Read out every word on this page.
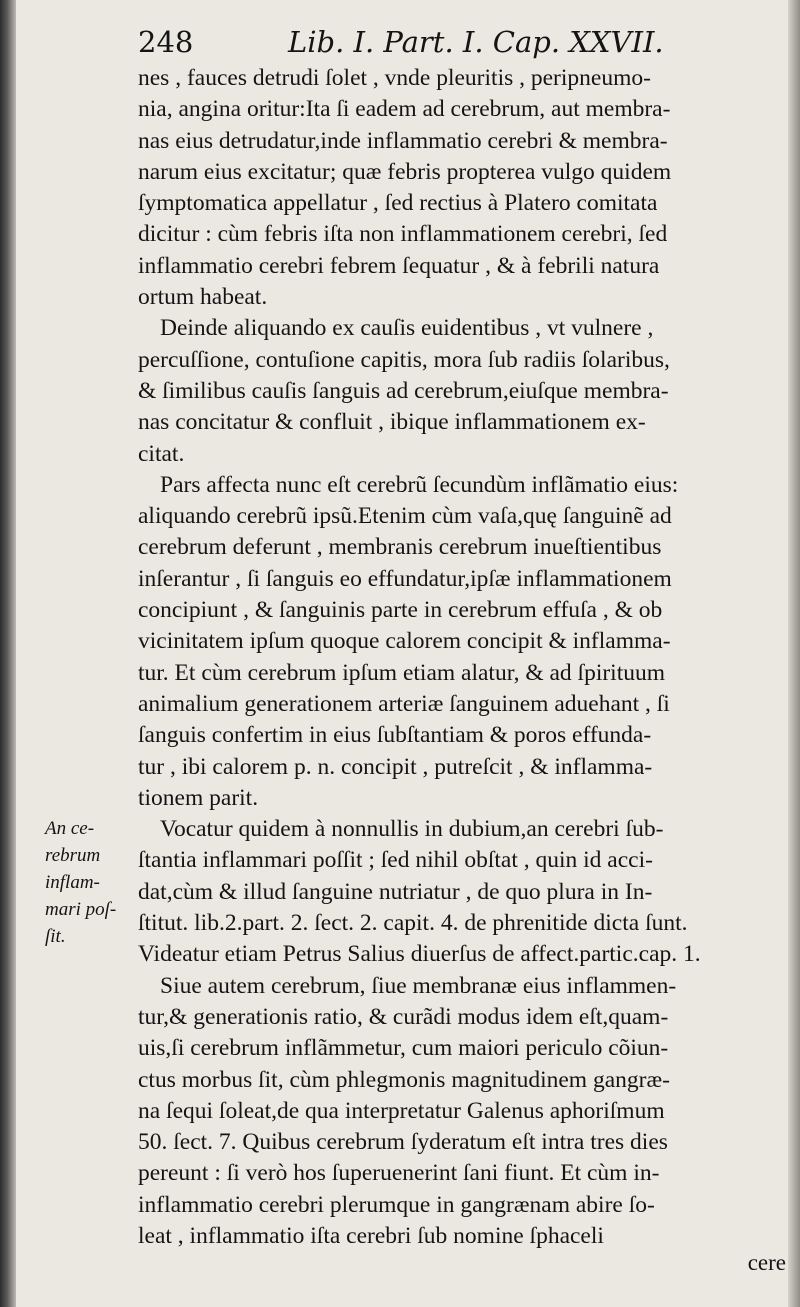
248	Lib. I. Part. I. Cap. XXVII.
nes , fauces detrudi ſolet , vnde pleuritis , peripneumo-
nia, angina oritur:Ita ſi eadem ad cerebrum, aut membra-
nas eius detrudatur,inde inflammatio cerebri & membra-
narum eius excitatur; quæ febris propterea vulgo quidem
ſymptomatica appellatur , ſed rectius à Platero comitata
dicitur : cùm febris iſta non inflammationem cerebri, ſed
inflammatio cerebri febrem ſequatur , & à febrili natura
ortum habeat.
Deinde aliquando ex cauſis euidentibus , vt vulnere ,
percuſſione, contuſione capitis, mora ſub radiis ſolaribus,
& ſimilibus cauſis ſanguis ad cerebrum,eiuſque membra-
nas concitatur & confluit , ibique inflammationem ex-
citat.
Pars affecta nunc eſt cerebrũ ſecundùm inflãmatio eius:
aliquando cerebrũ ipsũ.Etenim cùm vaſa,quę ſanguinẽ ad
cerebrum deferunt , membranis cerebrum inueſtientibus
inſerantur , ſi ſanguis eo effundatur,ipſæ inflammationem
concipiunt , & ſanguinis parte in cerebrum effuſa , & ob
vicinitatem ipſum quoque calorem concipit & inflamma-
tur. Et cùm cerebrum ipſum etiam alatur, & ad ſpirituum
animalium generationem arteriæ ſanguinem aduehant , ſi
ſanguis confertim in eius ſubſtantiam & poros effunda-
tur , ibi calorem p. n. concipit , putreſcit , & inflamma-
tionem parit.
Vocatur quidem à nonnullis in dubium,an cerebri ſub-
ſtantia inflammari poſſit ; ſed nihil obſtat , quin id acci-
dat,cùm & illud ſanguine nutriatur , de quo plura in In-
ſtitut. lib.2.part. 2. ſect. 2. capit. 4. de phrenitide dicta ſunt.
Videatur etiam Petrus Salius diuerſus de affect.partic.cap. 1.
Siue autem cerebrum, ſiue membranæ eius inflammen-
tur,& generationis ratio, & curãdi modus idem eſt,quam-
uis,ſi cerebrum inflãmmetur, cum maiori periculo cõiun-
ctus morbus ſit, cùm phlegmonis magnitudinem gangræ-
na ſequi ſoleat,de qua interpretatur Galenus aphoriſmum
50. ſect. 7. Quibus cerebrum ſyderatum eſt intra tres dies
pereunt : ſi verò hos ſuperuenerint ſani fiunt. Et cùm in-
inflammatio cerebri plerumque in gangrænam abire ſo-
leat , inflammatio iſta cerebri ſub nomine ſphaceli
An ce-
rebrum
inflam-
mari poſ-
ſit.
cere
